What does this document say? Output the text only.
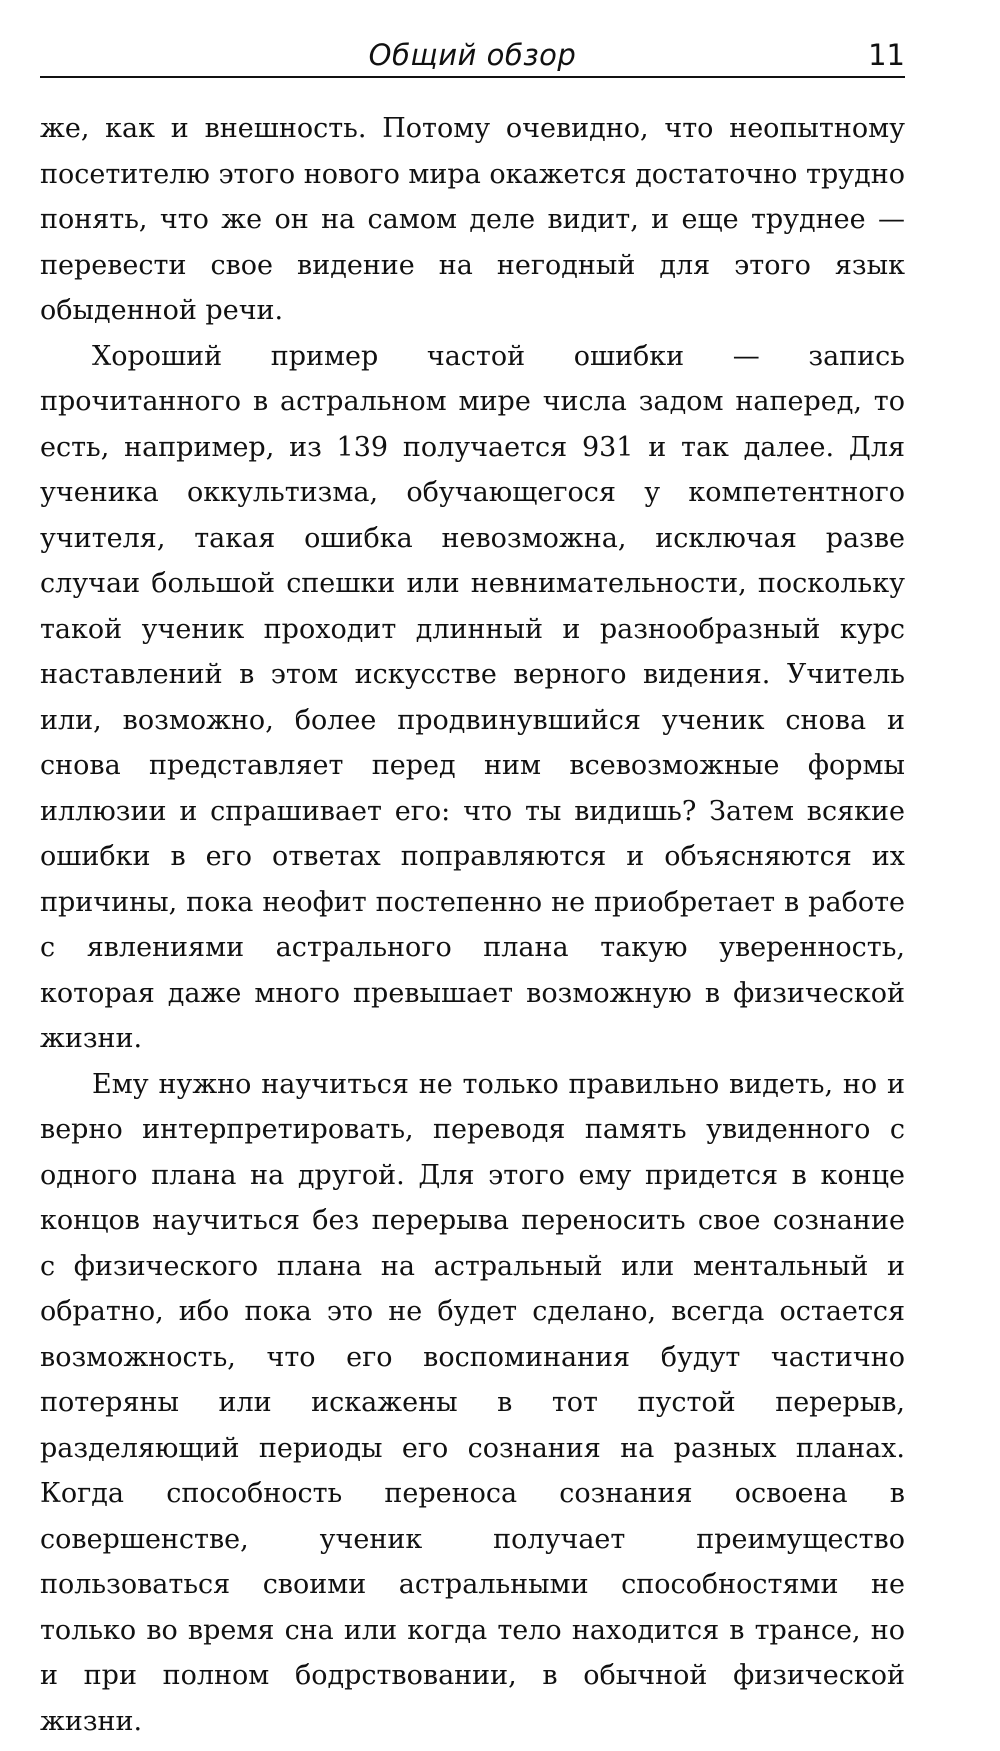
Общий обзор	11

же, как и внешность. Потому очевидно, что неопытному посетителю этого нового мира окажется достаточно трудно понять, что же он на самом деле видит, и еще труднее — перевести свое видение на негодный для этого язык обыденной речи.

Хороший пример частой ошибки — запись прочитанного в астральном мире числа задом наперед, то есть, например, из 139 получается 931 и так далее. Для ученика оккультизма, обучающегося у компетентного учителя, такая ошибка невозможна, исключая разве случаи большой спешки или невнимательности, поскольку такой ученик проходит длинный и разнообразный курс наставлений в этом искусстве верного видения. Учитель или, возможно, более продвинувшийся ученик снова и снова представляет перед ним всевозможные формы иллюзии и спрашивает его: что ты видишь? Затем всякие ошибки в его ответах поправляются и объясняются их причины, пока неофит постепенно не приобретает в работе с явлениями астрального плана такую уверенность, которая даже много превышает возможную в физической жизни.

Ему нужно научиться не только правильно видеть, но и верно интерпретировать, переводя память увиденного с одного плана на другой. Для этого ему придется в конце концов научиться без перерыва переносить свое сознание с физического плана на астральный или ментальный и обратно, ибо пока это не будет сделано, всегда остается возможность, что его воспоминания будут частично потеряны или искажены в тот пустой перерыв, разделяющий периоды его сознания на разных планах. Когда способность переноса сознания освоена в совершенстве, ученик получает преимущество пользоваться своими астральными способностями не только во время сна или когда тело находится в трансе, но и при полном бодрствовании, в обычной физической жизни.
